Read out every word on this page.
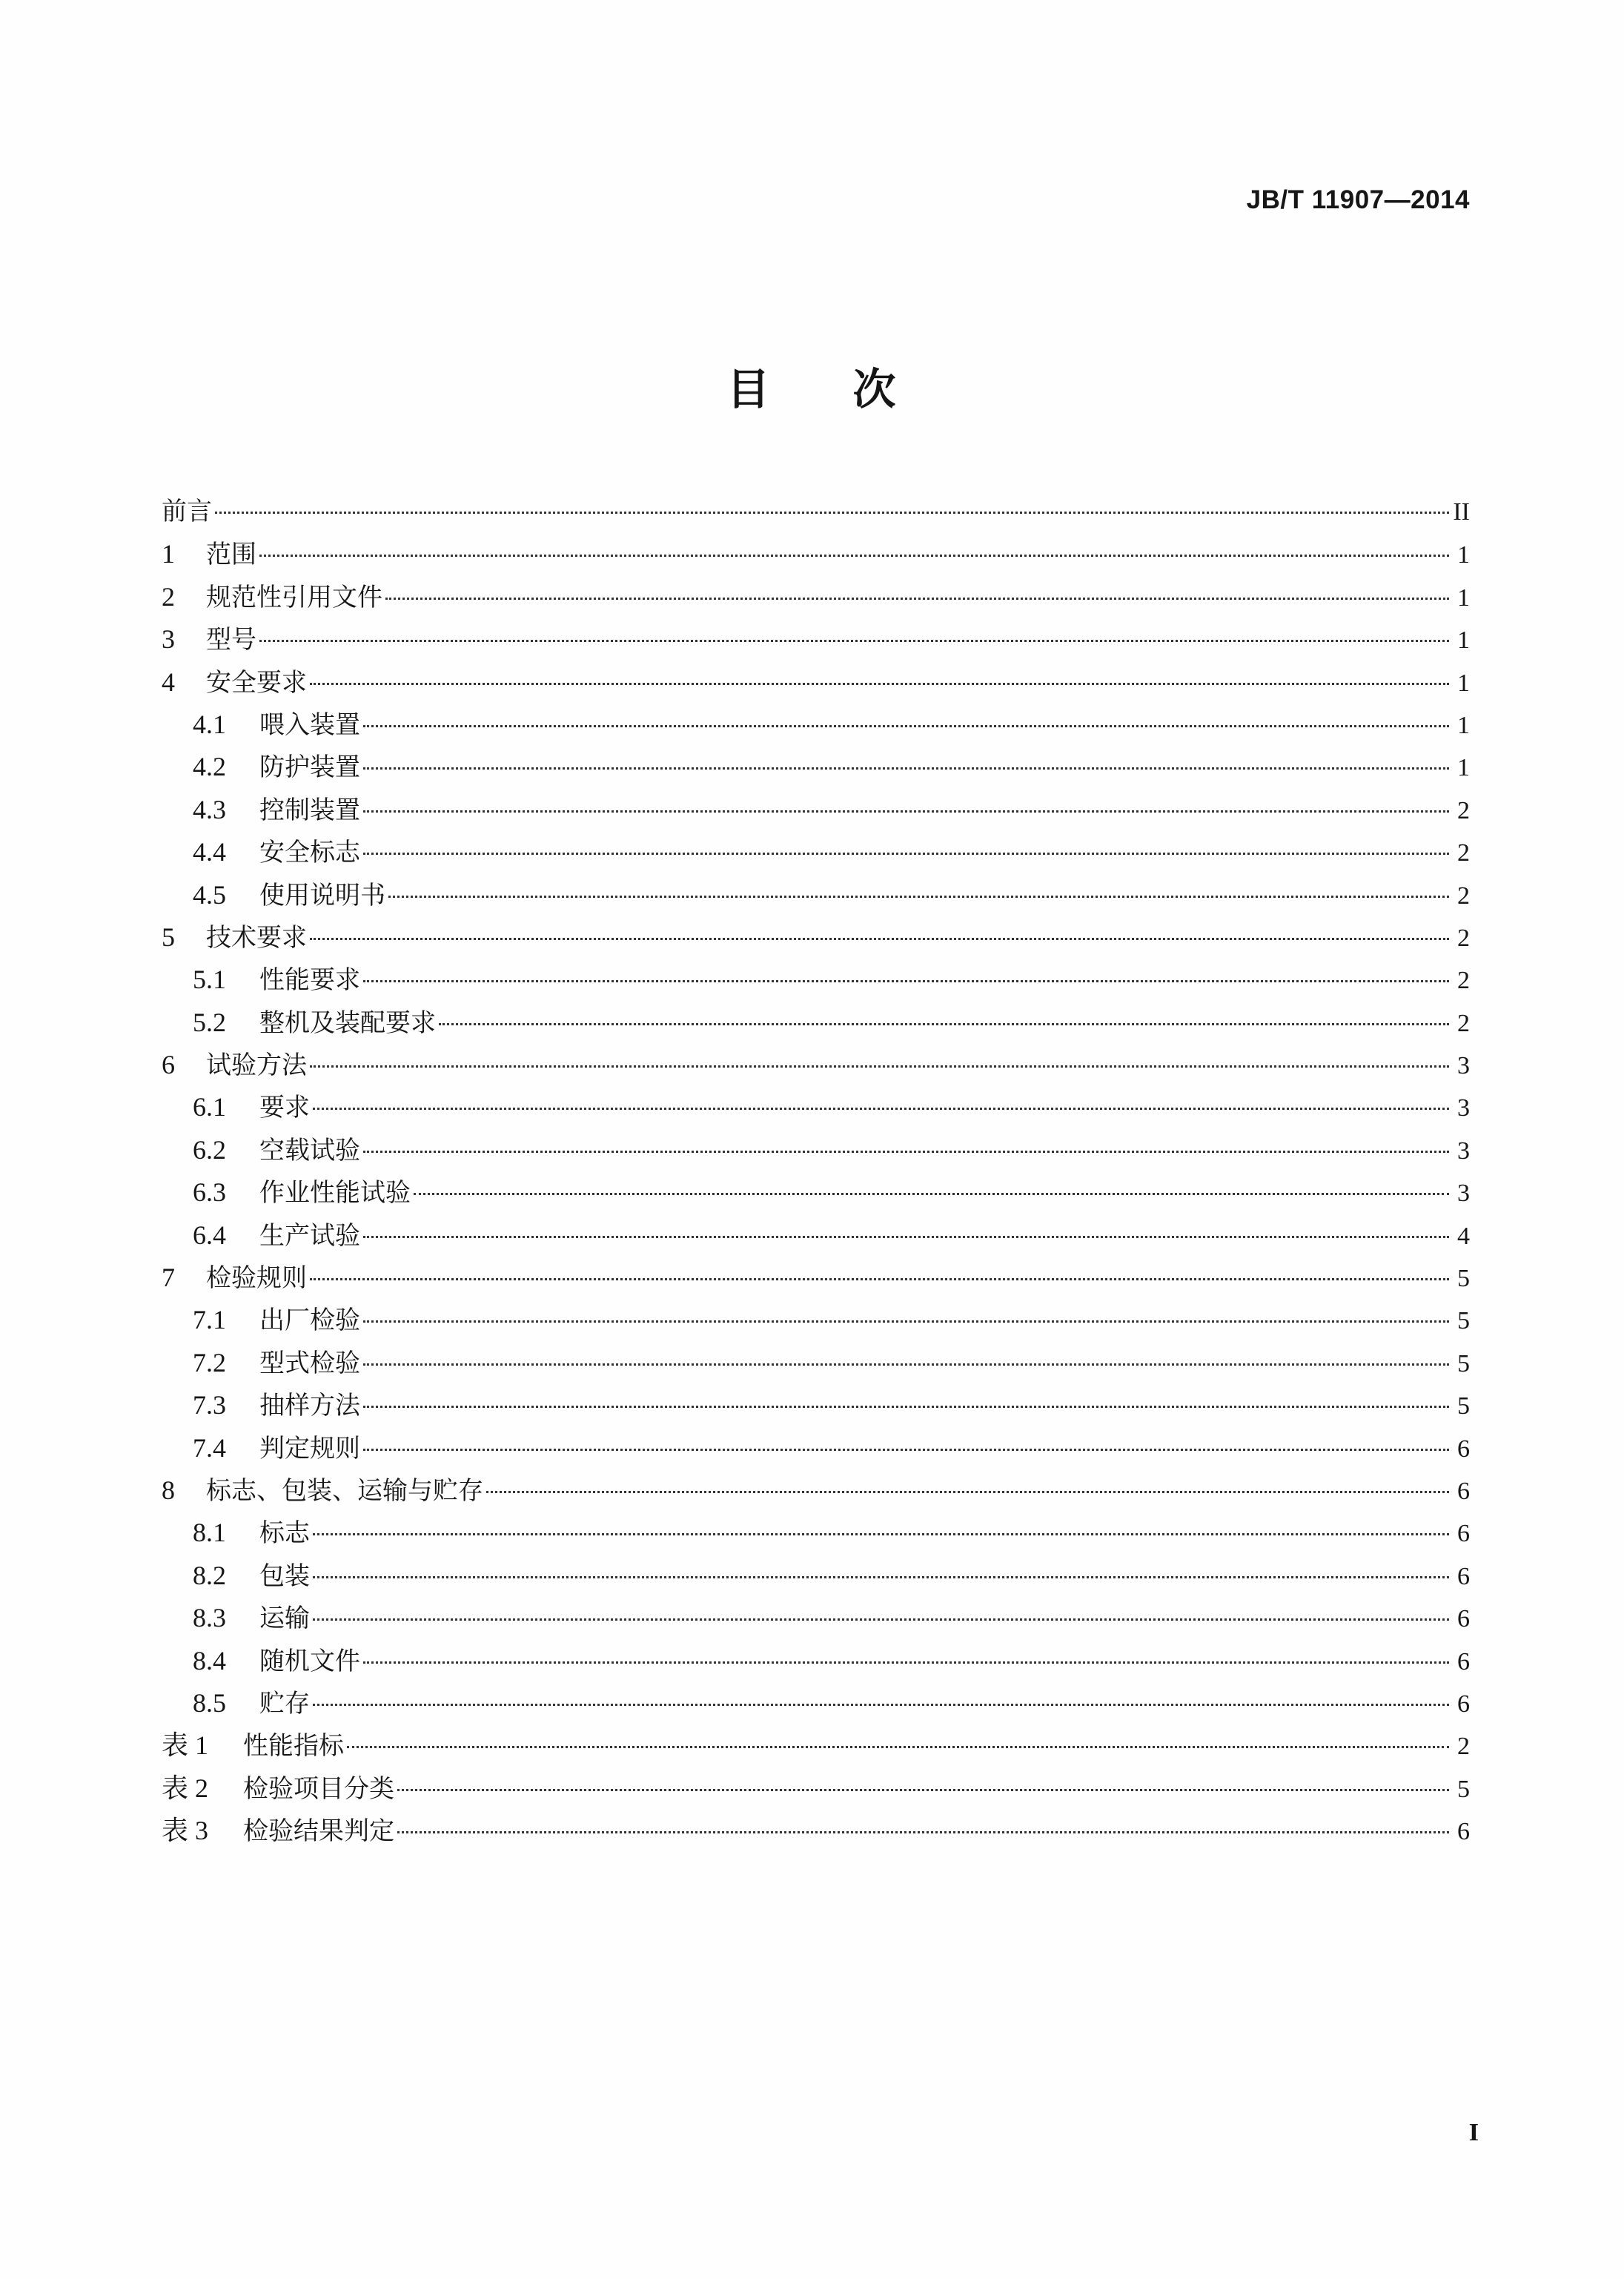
JB/T 11907—2014
目 次
前言	II
1	范围	1
2	规范性引用文件	1
3	型号	1
4	安全要求	1
4.1	喂入装置	1
4.2	防护装置	1
4.3	控制装置	2
4.4	安全标志	2
4.5	使用说明书	2
5	技术要求	2
5.1	性能要求	2
5.2	整机及装配要求	2
6	试验方法	3
6.1	要求	3
6.2	空载试验	3
6.3	作业性能试验	3
6.4	生产试验	4
7	检验规则	5
7.1	出厂检验	5
7.2	型式检验	5
7.3	抽样方法	5
7.4	判定规则	6
8	标志、包装、运输与贮存	6
8.1	标志	6
8.2	包装	6
8.3	运输	6
8.4	随机文件	6
8.5	贮存	6
表 1	性能指标	2
表 2	检验项目分类	5
表 3	检验结果判定	6
I
